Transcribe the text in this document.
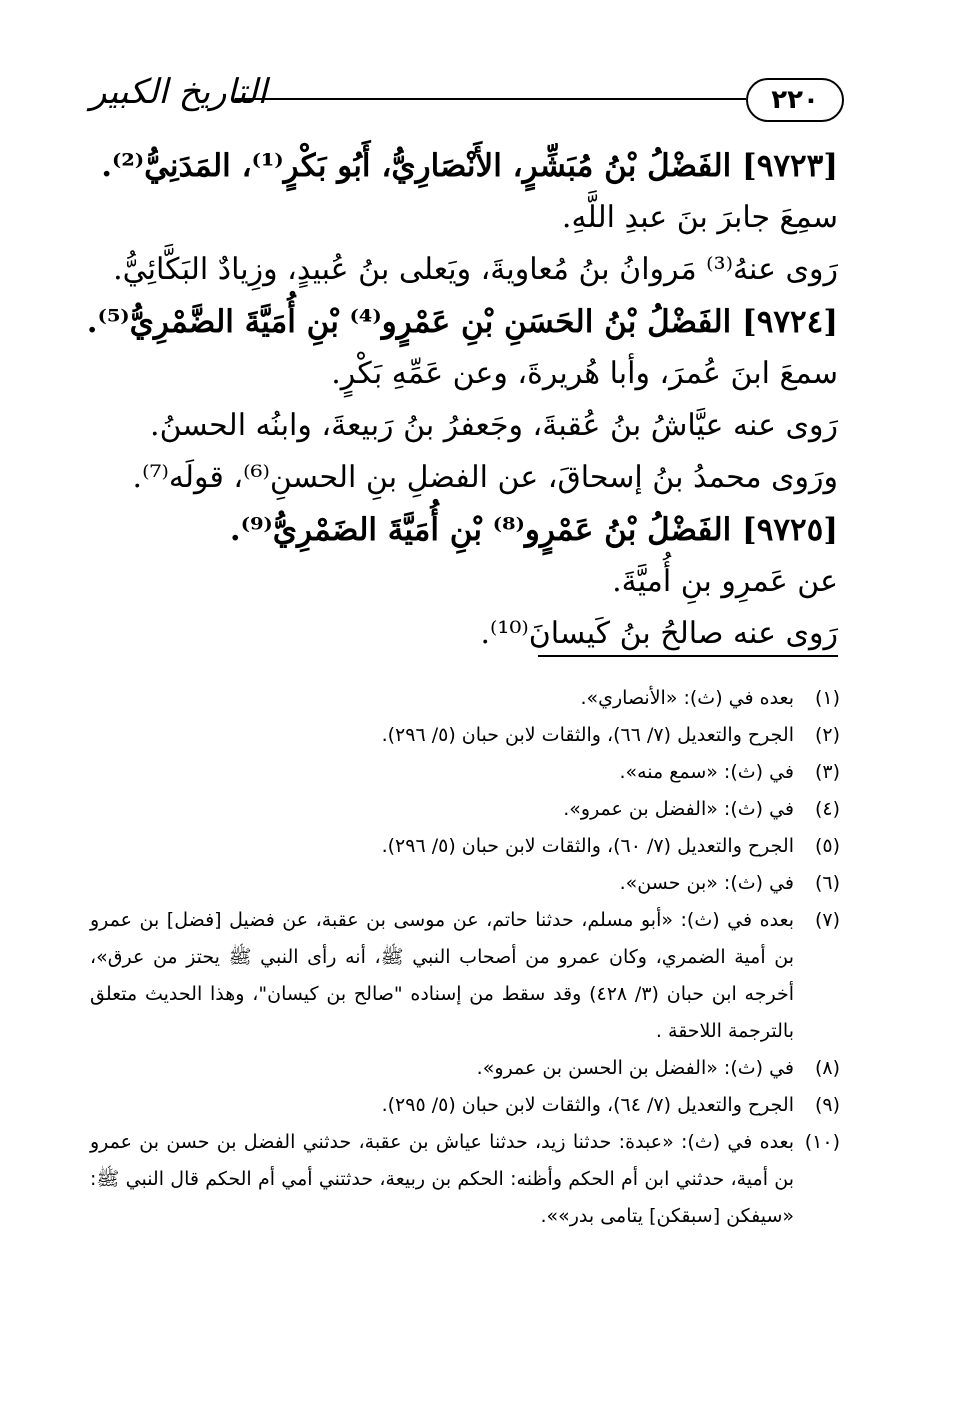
٢٢٠
التاريخ الكبير
[٩٧٢٣] الفَضْلُ بْنُ مُبَشِّرٍ، الأَنْصَارِيُّ، أَبُو بَكْرٍ⁽¹⁾، المَدَنِيُّ⁽²⁾.
سمِعَ جابرَ بنَ عبدِ اللَّهِ.
رَوى عنهُ⁽³⁾ مَروانُ بنُ مُعاويةَ، ويَعلى بنُ عُبيدٍ، وزِيادٌ البَكَّائِيُّ.
[٩٧٢٤] الفَضْلُ بْنُ الحَسَنِ بْنِ عَمْرٍو⁽⁴⁾ بْنِ أُمَيَّةَ الضَّمْرِيُّ⁽⁵⁾.
سمعَ ابنَ عُمرَ، وأبا هُريرةَ، وعن عَمِّهِ بَكْرٍ.
رَوى عنه عيَّاشُ بنُ عُقبةَ، وجَعفرُ بنُ رَبيعةَ، وابنُه الحسنُ.
ورَوى محمدُ بنُ إسحاقَ، عن الفضلِ بنِ الحسنِ⁽⁶⁾، قولَه⁽⁷⁾.
[٩٧٢٥] الفَضْلُ بْنُ عَمْرٍو⁽⁸⁾ بْنِ أُمَيَّةَ الضَمْرِيُّ⁽⁹⁾.
عن عَمرِو بنِ أُميَّةَ.
رَوى عنه صالحُ بنُ كَيسانَ⁽¹⁰⁾.
(١)
بعده في (ث): «الأنصاري».
(٢)
الجرح والتعديل (٧/ ٦٦)، والثقات لابن حبان (٥/ ٢٩٦).
(٣)
في (ث): «سمع منه».
(٤)
في (ث): «الفضل بن عمرو».
(٥)
الجرح والتعديل (٧/ ٦٠)، والثقات لابن حبان (٥/ ٢٩٦).
(٦)
في (ث): «بن حسن».
(٧)
بعده في (ث): «أبو مسلم، حدثنا حاتم، عن موسى بن عقبة، عن فضيل [فضل] بن عمرو بن أمية الضمري، وكان عمرو من أصحاب النبي ﷺ، أنه رأى النبي ﷺ يحتز من عرق»، أخرجه ابن حبان (٣/ ٤٢٨) وقد سقط من إسناده "صالح بن كيسان"، وهذا الحديث متعلق بالترجمة اللاحقة .
(٨)
في (ث): «الفضل بن الحسن بن عمرو».
(٩)
الجرح والتعديل (٧/ ٦٤)، والثقات لابن حبان (٥/ ٢٩٥).
(١٠)
بعده في (ث): «عبدة: حدثنا زيد، حدثنا عياش بن عقبة، حدثني الفضل بن حسن بن عمرو بن أمية، حدثني ابن أم الحكم وأظنه: الحكم بن ربيعة، حدثتني أمي أم الحكم قال النبي ﷺ: «سيفكن [سبقكن] يتامى بدر»».
